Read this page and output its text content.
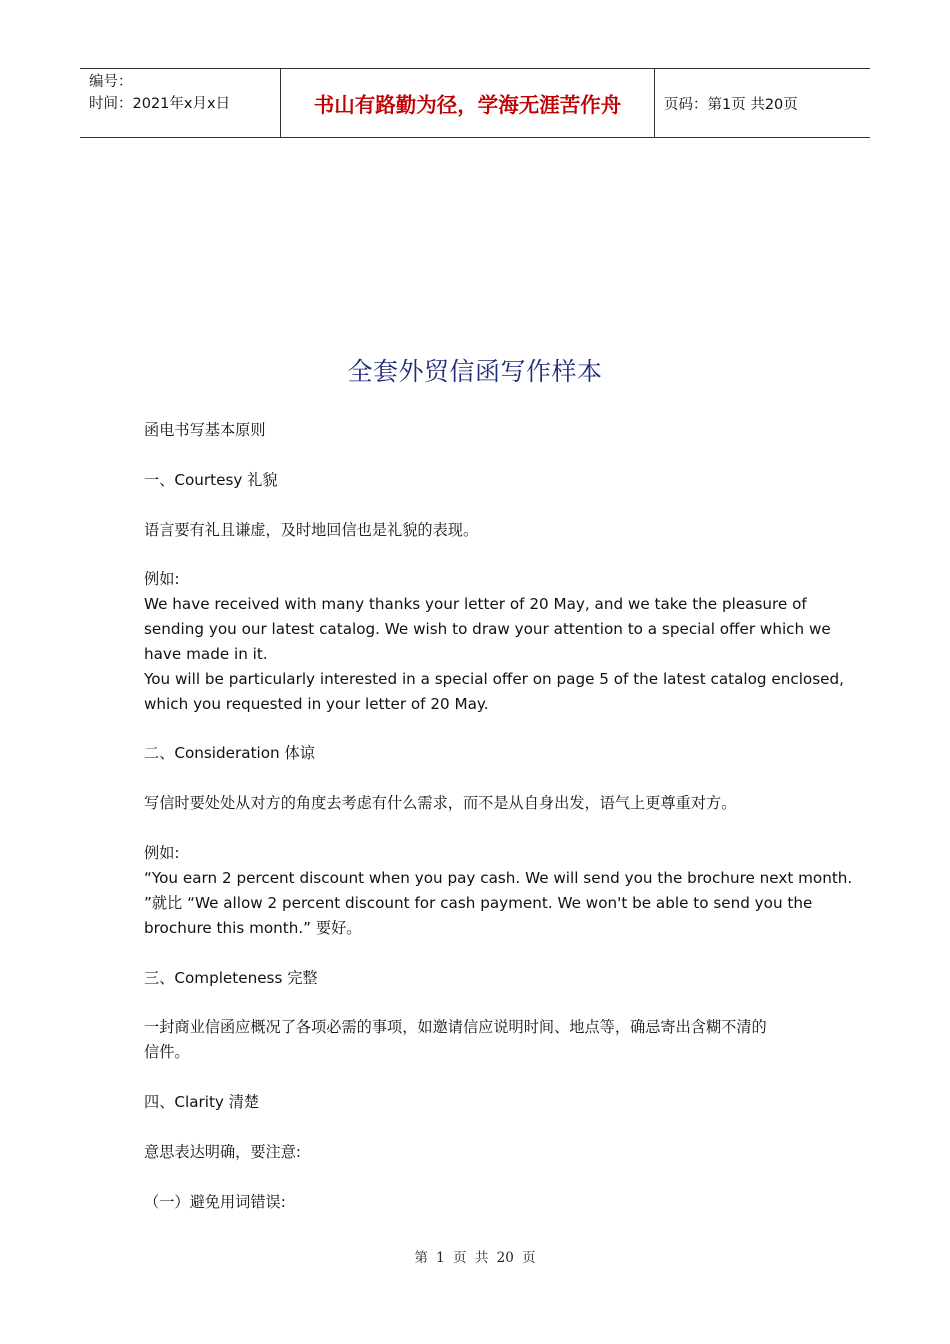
编号：
时间：2021年x月x日	书山有路勤为径，学海无涯苦作舟	页码：第1页 共20页
全套外贸信函写作样本
函电书写基本原则
一、Courtesy 礼貌
语言要有礼且谦虚，及时地回信也是礼貌的表现。
例如:
We have received with many thanks your letter of 20 May, and we take the pleasure of
sending you our latest catalog. We wish to draw your attention to a special offer which we
have made in it.
You will be particularly interested in a special offer on page 5 of the latest catalog enclosed,
which you requested in your letter of 20 May.
二、Consideration 体谅
写信时要处处从对方的角度去考虑有什么需求，而不是从自身出发，语气上更尊重对方。
例如:
“You earn 2 percent discount when you pay cash. We will send you the brochure next month.
”就比 “We allow 2 percent discount for cash payment. We won't be able to send you the
brochure this month.” 要好。
三、Completeness 完整
一封商业信函应概况了各项必需的事项，如邀请信应说明时间、地点等，确忌寄出含糊不清的
信件。
四、Clarity 清楚
意思表达明确，要注意:
（一）避免用词错误:
第 1 页 共 20 页
